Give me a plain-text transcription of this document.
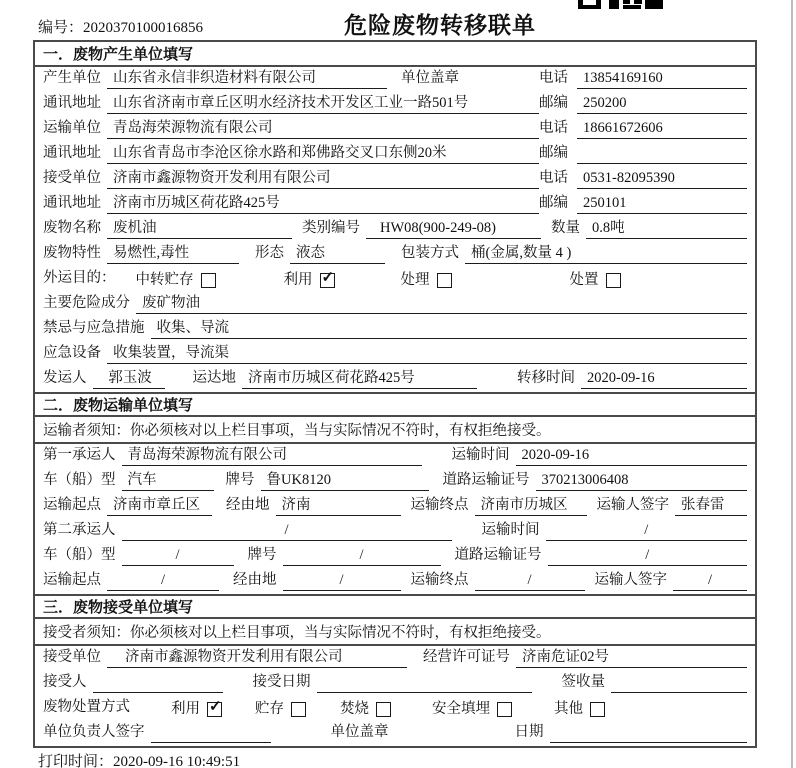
编号：2020370100016856	危险废物转移联单
一．废物产生单位填写
产生单位 山东省永信非织造材料有限公司	单位盖章	电话	13854169160
通讯地址 山东省济南市章丘区明水经济技术开发区工业一路501号	邮编	250200
运输单位 青岛海荣源物流有限公司	电话	18661672606
通讯地址 山东省青岛市李沧区徐水路和郑佛路交叉口东侧20米	邮编
接受单位 济南市鑫源物资开发利用有限公司	电话	0531-82095390
通讯地址 济南市历城区荷花路425号	邮编	250101
废物名称 废机油	类别编号	HW08(900-249-08)	数量 0.8吨
废物特性 易燃性,毒性	形态 液态	包装方式 桶(金属,数量 4 )
外运目的： 中转贮存	利用 ✓	处理	处置
主要危险成分 废矿物油
禁忌与应急措施 收集、导流
应急设备 收集装置，导流渠
发运人	郭玉波	运达地 济南市历城区荷花路425号	转移时间 2020-09-16
二．废物运输单位填写
运输者须知：你必须核对以上栏目事项，当与实际情况不符时，有权拒绝接受。
第一承运人 青岛海荣源物流有限公司	运输时间 2020-09-16
车（船）型 汽车	牌号 鲁UK8120	道路运输证号 370213006408
运输起点 济南市章丘区	经由地 济南	运输终点 济南市历城区	运输人签字 张春雷
第二承运人	/	运输时间	/
车（船）型	/	牌号	/	道路运输证号	/
运输起点	/	经由地	/	运输终点	/	运输人签字	/
三．废物接受单位填写
接受者须知：你必须核对以上栏目事项，当与实际情况不符时，有权拒绝接受。
接受单位	济南市鑫源物资开发利用有限公司	经营许可证号 济南危证02号
接受人	接受日期	签收量
废物处置方式	利用 ✓	贮存	焚烧	安全填埋	其他
单位负责人签字	单位盖章	日期
打印时间：2020-09-16 10:49:51
